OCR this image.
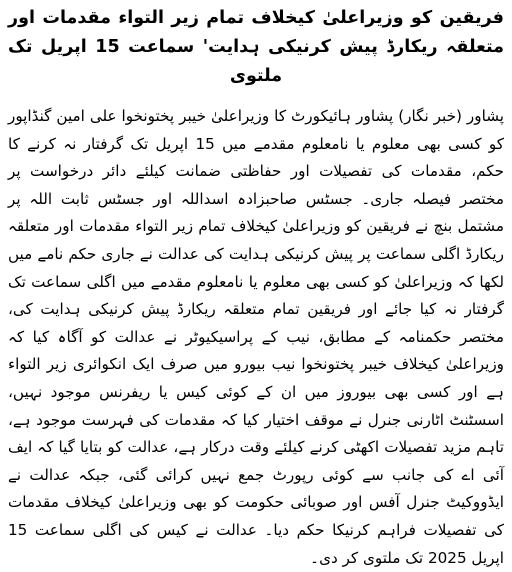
فریقین کو وزیراعلیٰ کیخلاف تمام زیر التواء مقدمات اور متعلقہ ریکارڈ پیش کرنیکی ہدایت' سماعت 15 اپریل تک ملتوی

پشاور (خبر نگار) پشاور ہائیکورٹ کا وزیراعلیٰ خیبر پختونخوا علی امین گنڈاپور کو کسی بھی معلوم یا نامعلوم مقدمے میں 15 اپریل تک گرفتار نہ کرنے کا حکم، مقدمات کی تفصیلات اور حفاظتی ضمانت کیلئے دائر درخواست پر مختصر فیصلہ جاری۔ جسٹس صاحبزادہ اسداللہ اور جسٹس ثابت اللہ پر مشتمل بنچ نے فریقین کو وزیراعلیٰ کیخلاف تمام زیر التواء مقدمات اور متعلقہ ریکارڈ اگلی سماعت پر پیش کرنیکی ہدایت کی عدالت نے جاری حکم نامے میں لکھا کہ وزیراعلیٰ کو کسی بھی معلوم یا نامعلوم مقدمے میں اگلی سماعت تک گرفتار نہ کیا جائے اور فریقین تمام متعلقہ ریکارڈ پیش کرنیکی ہدایت کی، مختصر حکمنامہ کے مطابق، نیب کے پراسیکیوٹر نے عدالت کو آگاہ کیا کہ وزیراعلیٰ کیخلاف خیبر پختونخوا نیب بیورو میں صرف ایک انکوائری زیر التواء ہے اور کسی بھی بیوروز میں ان کے کوئی کیس یا ریفرنس موجود نہیں، اسسٹنٹ اٹارنی جنرل نے موقف اختیار کیا کہ مقدمات کی فہرست موجود ہے، تاہم مزید تفصیلات اکھٹی کرنے کیلئے وقت درکار ہے، عدالت کو بتایا گیا کہ ایف آئی اے کی جانب سے کوئی رپورٹ جمع نہیں کرائی گئی، جبکہ عدالت نے ایڈووکیٹ جنرل آفس اور صوبائی حکومت کو بھی وزیراعلیٰ کیخلاف مقدمات کی تفصیلات فراہم کرنیکا حکم دیا۔ عدالت نے کیس کی اگلی سماعت 15 اپریل 2025 تک ملتوی کر دی۔
